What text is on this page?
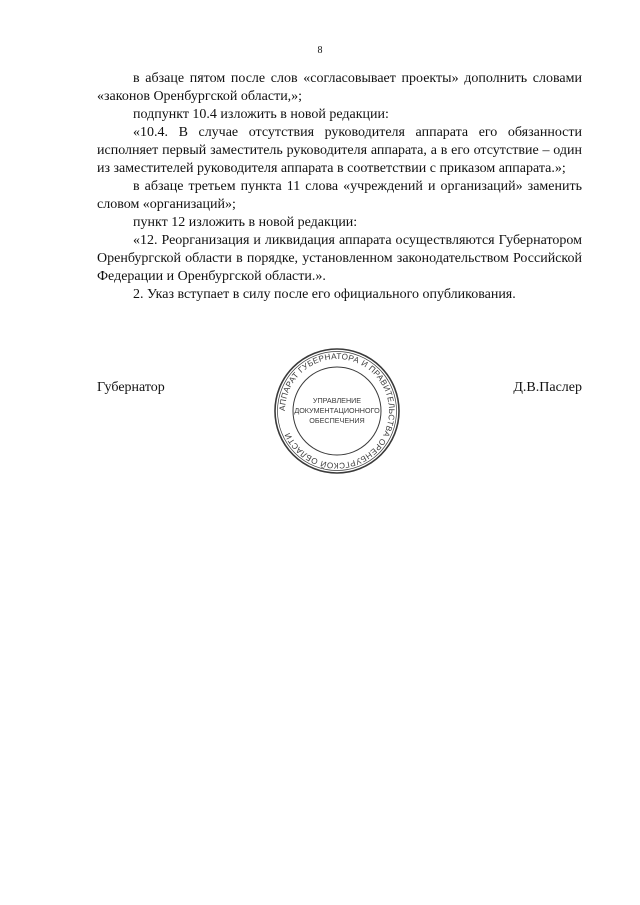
8

в абзаце пятом после слов «согласовывает проекты» дополнить словами «законов Оренбургской области,»;

подпункт 10.4 изложить в новой редакции:

«10.4. В случае отсутствия руководителя аппарата его обязанности исполняет первый заместитель руководителя аппарата, а в его отсутствие – один из заместителей руководителя аппарата в соответствии с приказом аппарата.»;

в абзаце третьем пункта 11 слова «учреждений и организаций» заменить словом «организаций»;

пункт 12 изложить в новой редакции:

«12. Реорганизация и ликвидация аппарата осуществляются Губернатором Оренбургской области в порядке, установленном законодательством Российской Федерации и Оренбургской области.».

2. Указ вступает в силу после его официального опубликования.

Губернатор	Д.В.Паслер
АППАРАТ ГУБЕРНАТОРА И ПРАВИТЕЛЬСТВА ОРЕНБУРГСКОЙ ОБЛАСТИ
УПРАВЛЕНИЕ
ДОКУМЕНТАЦИОННОГО
ОБЕСПЕЧЕНИЯ
